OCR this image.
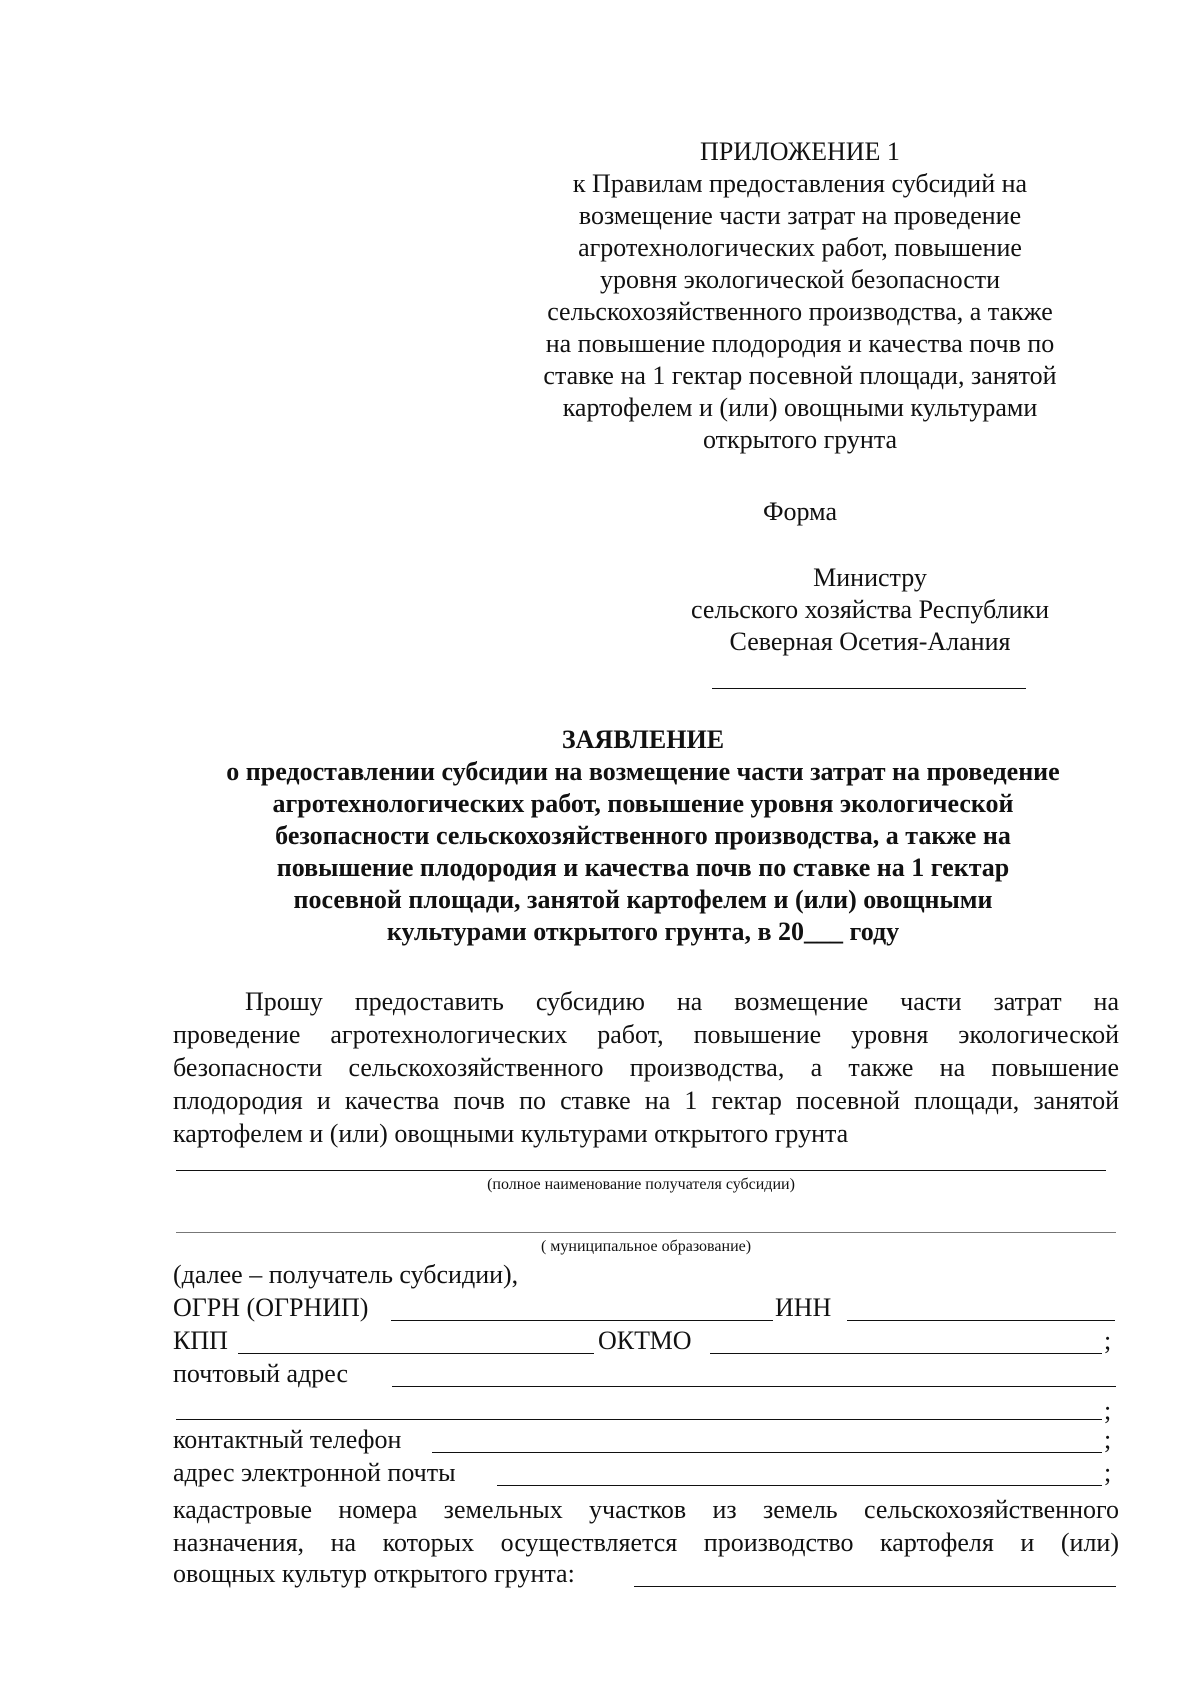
ПРИЛОЖЕНИЕ 1
к Правилам предоставления субсидий на
возмещение части затрат на проведение
агротехнологических работ, повышение
уровня экологической безопасности
сельскохозяйственного производства, а также
на повышение плодородия и качества почв по
ставке на 1 гектар посевной площади, занятой
картофелем и (или) овощными культурами
открытого грунта
Форма
Министру
сельского хозяйства Республики
Северная Осетия-Алания
ЗАЯВЛЕНИЕ
о предоставлении субсидии на возмещение части затрат на проведение
агротехнологических работ, повышение уровня экологической
безопасности сельскохозяйственного производства, а также на
повышение плодородия и качества почв по ставке на 1 гектар
посевной площади, занятой картофелем и (или) овощными
культурами открытого грунта, в 20___ году
Прошу предоставить субсидию на возмещение части затрат на
проведение агротехнологических работ, повышение уровня экологической
безопасности сельскохозяйственного производства, а также на повышение
плодородия и качества почв по ставке на 1 гектар посевной площади, занятой
картофелем и (или) овощными культурами открытого грунта
(полное наименование получателя субсидии)
( муниципальное образование)
(далее – получатель субсидии),
ОГРН (ОГРНИП)	ИНН
КПП	ОКТМО	;
почтовый адрес
;
контактный телефон	;
адрес электронной почты	;
кадастровые номера земельных участков из земель сельскохозяйственного
назначения, на которых осуществляется производство картофеля и (или)
овощных культур открытого грунта:
